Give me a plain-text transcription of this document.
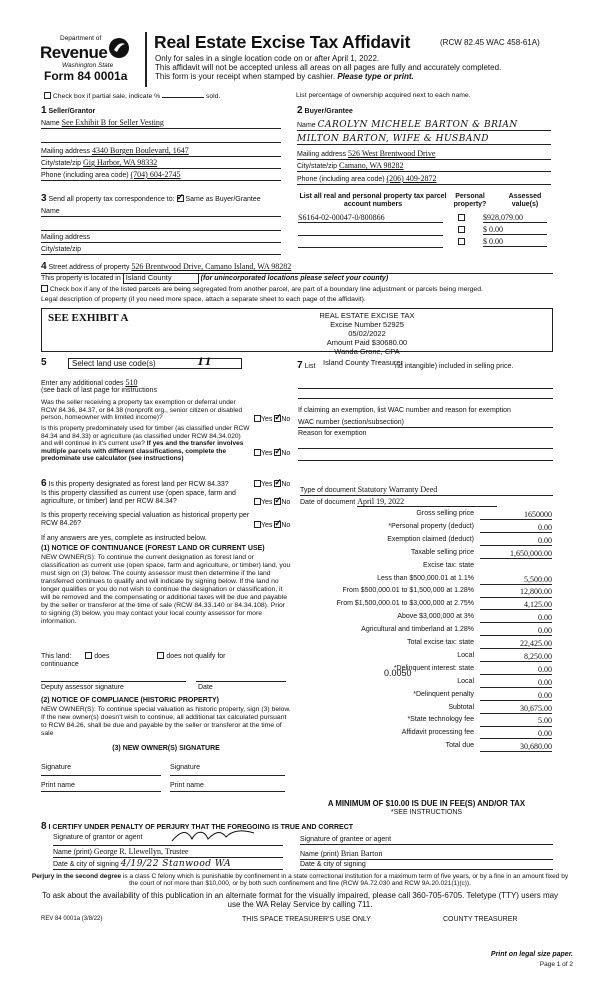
Department of
Revenue
Washington State
Form 84 0001a
Real Estate Excise Tax Affidavit	(RCW 82.45 WAC 458-61A)
Only for sales in a single location code on or after April 1, 2022.
This affidavit will not be accepted unless all areas on all pages are fully and accurately completed.
This form is your receipt when stamped by cashier. Please type or print.
Check box if partial sale, indicate %	sold.	List percentage of ownership acquired next to each name.
1 Seller/Grantor
Name See Exhibit B for Seller Vesting
Mailing address 4340 Borgen Boulevard, 1647
City/state/zip Gig Harbor, WA 98332
Phone (including area code) (704) 604-2745
2 Buyer/Grantee
Name CAROLYN MICHELE BARTON & BRIAN
MILTON BARTON, WIFE & HUSBAND
Mailing address 526 West Brentwood Drive
City/state/zip Camano, WA 98282
Phone (including area code) (206) 409-2872
3 Send all property tax correspondence to: ✓ Same as Buyer/Grantee
Name
Mailing address
City/state/zip
List all real and personal property tax parcel account numbers
Personal property?
Assessed value(s)
S6164-02-00047-0/800866	$928,079.00
$ 0.00
$ 0.00
4 Street address of property 526 Brentwood Drive, Camano Island, WA 98282
This property is located in Island County	(for unincorporated locations please select your county)
Check box if any of the listed parcels are being segregated from another parcel, are part of a boundary line adjustment or parcels being merged.
Legal description of property (if you need more space, attach a separate sheet to each page of the affidavit).
SEE EXHIBIT A	REAL ESTATE EXCISE TAX
Excise Number 52925
05/02/2022
Amount Paid $30680.00
Wanda Grone, CPA
Island County Treasurer
5	Select land use code(s)	11
Enter any additional codes 510
(see back of last page for instructions
Was the seller receiving a property tax exemption or deferral under RCW 84.36, 84.37, or 84.38 (nonprofit org., senior citizen or disabled person, homeowner with limited income)?	Yes ✓ No
Is this property predominately used for timber (as classified under RCW 84.34 and 84.33) or agriculture (as classified under RCW 84.34.020) and will continue in it's current use? If yes and the transfer involves multiple parcels with different classifications, complete the predominate use calculator (see instructions)
Yes ✓ No
7 List	nd intangible) included in selling price.
If claiming an exemption, list WAC number and reason for exemption
WAC number (section/subsection)
Reason for exemption
6 Is this property designated as forest land per RCW 84.33?	Yes ✓ No
Is this property classified as current use (open space, farm and agriculture, or timber) land per RCW 84.34?	Yes ✓ No
Is this property receiving special valuation as historical property per RCW 84.26?	Yes ✓ No
If any answers are yes, complete as instructed below.
(1) NOTICE OF CONTINUANCE (FOREST LAND OR CURRENT USE)
NEW OWNER(S): To continue the current designation as forest land or classification as current use (open space, farm and agriculture, or timber) land, you must sign on (3) below. The county assessor must then determine if the land transferred continues to qualify and will indicate by signing below. If the land no longer qualifies or you do not wish to continue the designation or classification, it will be removed and the compensating or additional taxes will be due and payable by the seller or transferor at the time of sale (RCW 84.33.140 or 84.34.108). Prior to signing (3) below, you may contact your local county assessor for more information.
This land:	does	does not qualify for
continuance
Deputy assessor signature	Date
(2) NOTICE OF COMPLIANCE (HISTORIC PROPERTY)
NEW OWNER(S): To continue special valuation as historic property, sign (3) below. If the new owner(s) doesn't wish to continue, all additional tax calculated pursuant to RCW 84.26, shall be due and payable by the seller or transferor at the time of sale
(3) NEW OWNER(S) SIGNATURE
Signature	Signature
Print name	Print name
Type of document Statutory Warranty Deed
Date of document April 19, 2022
Gross selling price	1650000
*Personal property (deduct)	0.00
Exemption claimed (deduct)	0.00
Taxable selling price	1,650,000.00
Excise tax: state
Less than $500,000.01 at 1.1%	5,500.00
From $500,000.01 to $1,500,000 at 1.28%	12,800.00
From $1,500,000.01 to $3,000,000 at 2.75%	4,125.00
Above $3,000,000 at 3%	0.00
Agricultural and timberland at 1.28%	0.00
Total excise tax: state	22,425.00
Local	8,250.00
*Delinquent interest: state	0.00
Local	0.00
*Delinquent penalty	0.00
Subtotal	30,675.00
*State technology fee	5.00
Affidavit processing fee	0.00
Total due	30,680.00
0.0050
A MINIMUM OF $10.00 IS DUE IN FEE(S) AND/OR TAX
*SEE INSTRUCTIONS
8 I CERTIFY UNDER PENALTY OF PERJURY THAT THE FOREGOING IS TRUE AND CORRECT
Signature of grantor or agent
Name (print) George R. Llewellyn, Trustee
Date & city of signing 4/19/22 Stanwood WA
Signature of grantee or agent
Name (print) Brian Barton
Date & city of signing
Perjury in the second degree is a class C felony which is punishable by confinement in a state correctional institution for a maximum term of five years, or by a fine in an amount fixed by the court of not more than $10,000, or by both such confinement and fine (RCW 9A.72.030 and RCW 9A.20.021(1)(c)).
To ask about the availability of this publication in an alternate format for the visually impaired, please call 360-705-6705. Teletype (TTY) users may use the WA Relay Service by calling 711.
REV 84 0001a (3/8/22)	THIS SPACE TREASURER'S USE ONLY	COUNTY TREASURER
Print on legal size paper.
Page 1 of 2
